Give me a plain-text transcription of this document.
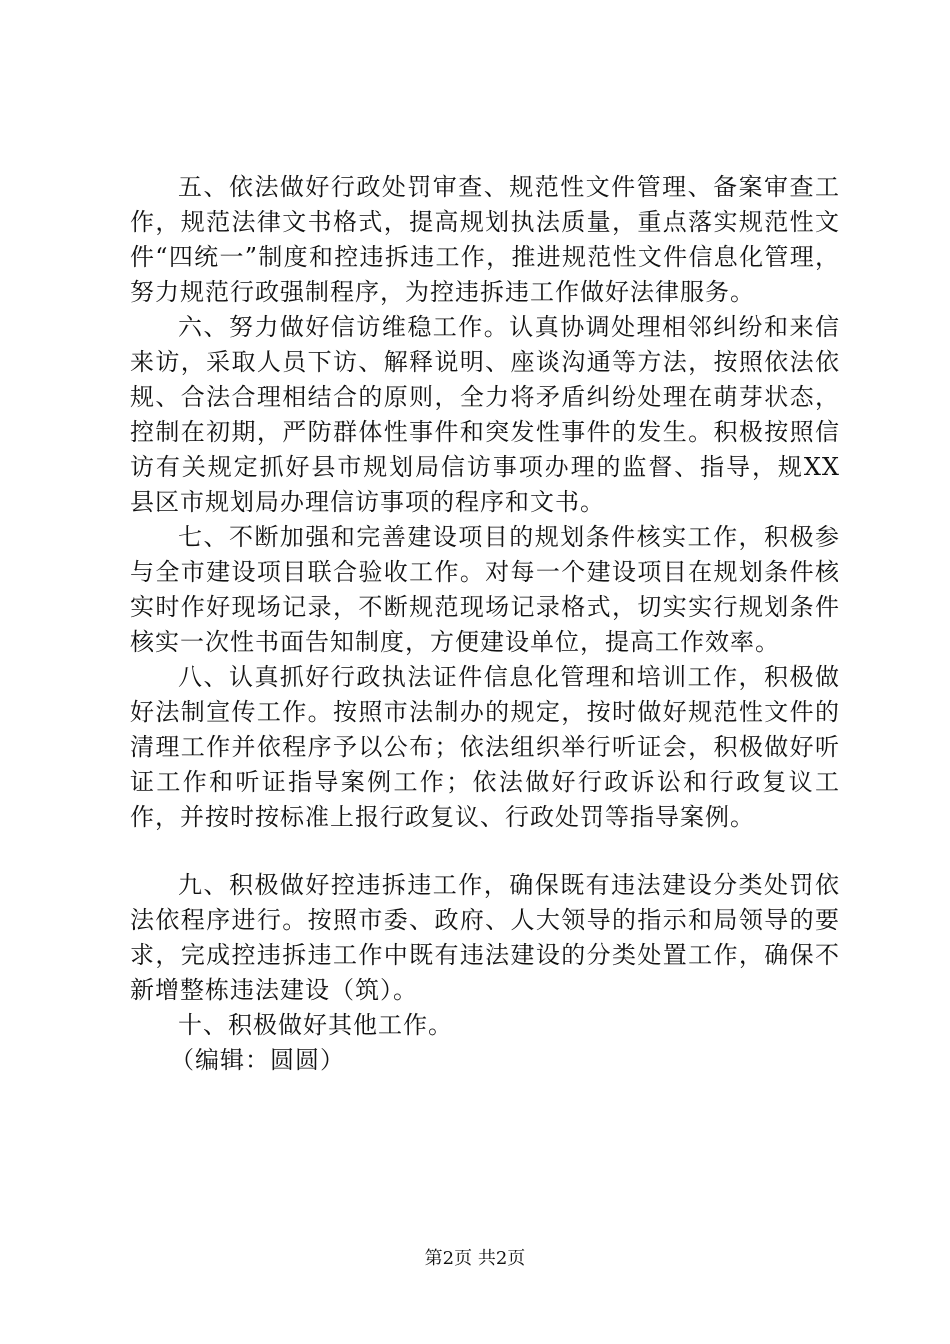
五、依法做好行政处罚审查、规范性文件管理、备案审查工作，规范法律文书格式，提高规划执法质量，重点落实规范性文件“四统一”制度和控违拆违工作，推进规范性文件信息化管理，努力规范行政强制程序，为控违拆违工作做好法律服务。

六、努力做好信访维稳工作。认真协调处理相邻纠纷和来信来访，采取人员下访、解释说明、座谈沟通等方法，按照依法依规、合法合理相结合的原则，全力将矛盾纠纷处理在萌芽状态，控制在初期，严防群体性事件和突发性事件的发生。积极按照信访有关规定抓好县市规划局信访事项办理的监督、指导，规XX县区市规划局办理信访事项的程序和文书。

七、不断加强和完善建设项目的规划条件核实工作，积极参与全市建设项目联合验收工作。对每一个建设项目在规划条件核实时作好现场记录，不断规范现场记录格式，切实实行规划条件核实一次性书面告知制度，方便建设单位，提高工作效率。

八、认真抓好行政执法证件信息化管理和培训工作，积极做好法制宣传工作。按照市法制办的规定，按时做好规范性文件的清理工作并依程序予以公布；依法组织举行听证会，积极做好听证工作和听证指导案例工作；依法做好行政诉讼和行政复议工作，并按时按标准上报行政复议、行政处罚等指导案例。

九、积极做好控违拆违工作，确保既有违法建设分类处罚依法依程序进行。按照市委、政府、人大领导的指示和局领导的要求，完成控违拆违工作中既有违法建设的分类处置工作，确保不新增整栋违法建设（筑）。

十、积极做好其他工作。

（编辑：圆圆）

第2页 共2页
